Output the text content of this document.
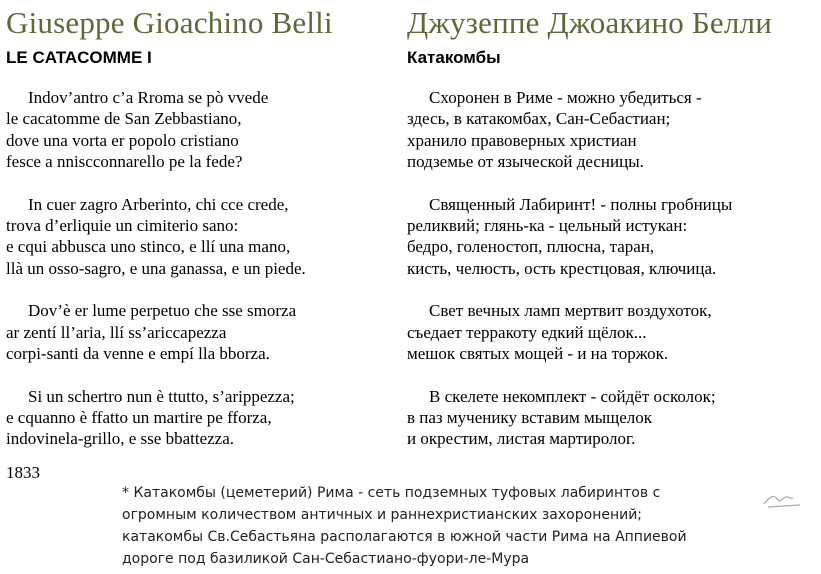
Giuseppe Gioachino Belli
LE CATACOMME I
Indov’antro c’a Rroma se pò vvede
le cacatomme de San Zebbastiano,
dove una vorta er popolo cristiano
fesce a nniscconnarello pe la fede?
In cuer zagro Arberinto, chi cce crede,
trova d’erliquie un cimiterio sano:
e cqui abbusca uno stinco, e llí una mano,
llà un osso-sagro, e una ganassa, e un piede.
Dov’è er lume perpetuo che sse smorza
ar zentí ll’aria, llí ss’ariccapezza
corpi-santi da venne e empí lla bborza.
Si un schertro nun è ttutto, s’arippezza;
e cquanno è ffatto un martire pe fforza,
indovinela-grillo, e sse bbattezza.
Джузеппе Джоакино Белли
Катакомбы
Схоронен в Риме - можно убедиться -
здесь, в катакомбах, Сан-Себастиан;
хранило правоверных христиан
подземье от языческой десницы.
Священный Лабиринт! - полны гробницы
реликвий; глянь-ка - цельный истукан:
бедро, голеностоп, плюсна, таран,
кисть, челюсть, ость крестцовая, ключица.
Свет вечных ламп мертвит воздухоток,
съедает терракоту едкий щёлок...
мешок святых мощей - и на торжок.
В скелете некомплект - сойдёт осколок;
в паз мученику вставим мыщелок
и окрестим, листая мартиролог.
1833
* Катакомбы (цеметерий) Рима - сеть подземных туфовых лабиринтов с
огромным количеством античных и раннехристианских захоронений;
катакомбы Св.Себастьяна располагаются в южной части Рима на Аппиевой
дороге под базиликой Сан-Себастиано-фуори-ле-Мура
